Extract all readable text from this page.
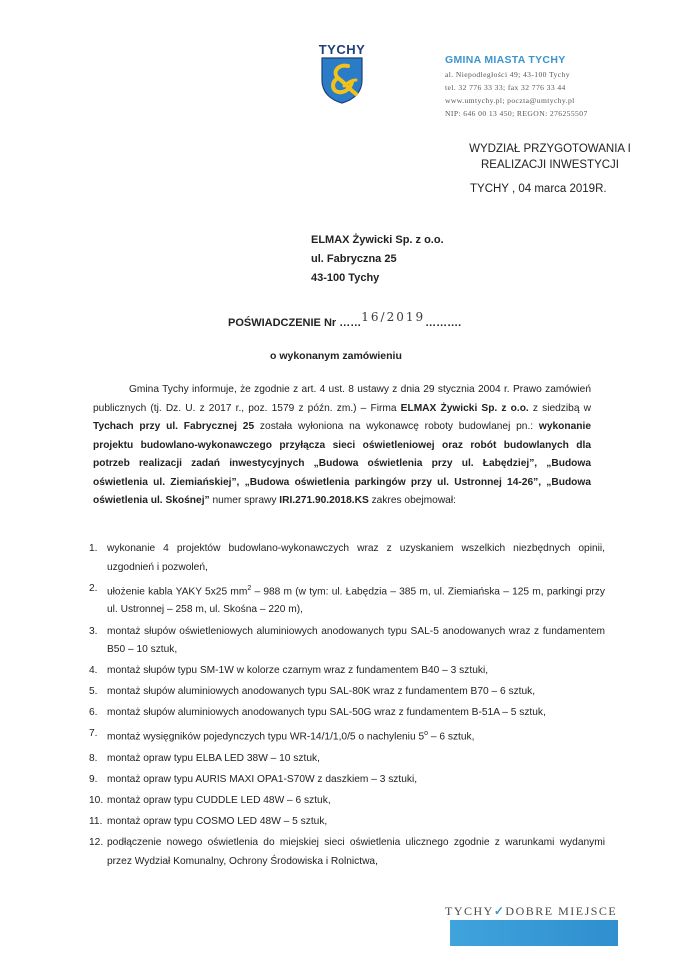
TYCHY
GMINA MIASTA TYCHY
al. Niepodległości 49; 43-100 Tychy
tel. 32 776 33 33; fax 32 776 33 44
www.umtychy.pl; poczta@umtychy.pl
NIP: 646 00 13 450; REGON: 276255507
WYDZIAŁ PRZYGOTOWANIA I
REALIZACJI INWESTYCJI
TYCHY , 04 marca 2019R.
ELMAX Żywicki Sp. z o.o.
ul. Fabryczna 25
43-100 Tychy
POŚWIADCZENIE Nr ……16/2019……….
o wykonanym zamówieniu
Gmina Tychy informuje, że zgodnie z art. 4 ust. 8 ustawy z dnia 29 stycznia 2004 r. Prawo zamówień publicznych (tj. Dz. U. z 2017 r., poz. 1579 z późn. zm.) – Firma ELMAX Żywicki Sp. z o.o. z siedzibą w Tychach przy ul. Fabrycznej 25 została wyłoniona na wykonawcę roboty budowlanej pn.: wykonanie projektu budowlano-wykonawczego przyłącza sieci oświetleniowej oraz robót budowlanych dla potrzeb realizacji zadań inwestycyjnych „Budowa oświetlenia przy ul. Łabędziej”, „Budowa oświetlenia ul. Ziemiańskiej”, „Budowa oświetlenia parkingów przy ul. Ustronnej 14-26”, „Budowa oświetlenia ul. Skośnej” numer sprawy IRI.271.90.2018.KS zakres obejmował:
1. wykonanie 4 projektów budowlano-wykonawczych wraz z uzyskaniem wszelkich niezbędnych opinii, uzgodnień i pozwoleń,
2. ułożenie kabla YAKY 5x25 $mm^2 - 988$ m (w tym: ul. Łabędzia – 385 m, ul. Ziemiańska – 125 m, parkingi przy ul. Ustronnej – 258 m, ul. Skośna – 220 m),
3. montaż słupów oświetleniowych aluminiowych anodowanych typu SAL-5 anodowanych wraz z fundamentem B50 – 10 sztuk,
4. montaż słupów typu SM-1W w kolorze czarnym wraz z fundamentem B40 – 3 sztuki,
5. montaż słupów aluminiowych anodowanych typu SAL-80K wraz z fundamentem B70 – 6 sztuk,
6. montaż słupów aluminiowych anodowanych typu SAL-50G wraz z fundamentem B-51A – 5 sztuk,
7. montaż wysięgników pojedynczych typu WR-14/1/1,0/5 o nachyleniu 5$^o$ – 6 sztuk,
8. montaż opraw typu ELBA LED 38W – 10 sztuk,
9. montaż opraw typu AURIS MAXI OPA1-S70W z daszkiem – 3 sztuki,
10. montaż opraw typu CUDDLE LED 48W – 6 sztuk,
11. montaż opraw typu COSMO LED 48W – 5 sztuk,
12. podłączenie nowego oświetlenia do miejskiej sieci oświetlenia ulicznego zgodnie z warunkami wydanymi przez Wydział Komunalny, Ochrony Środowiska i Rolnictwa,
TYCHY✓DOBRE MIEJSCE
